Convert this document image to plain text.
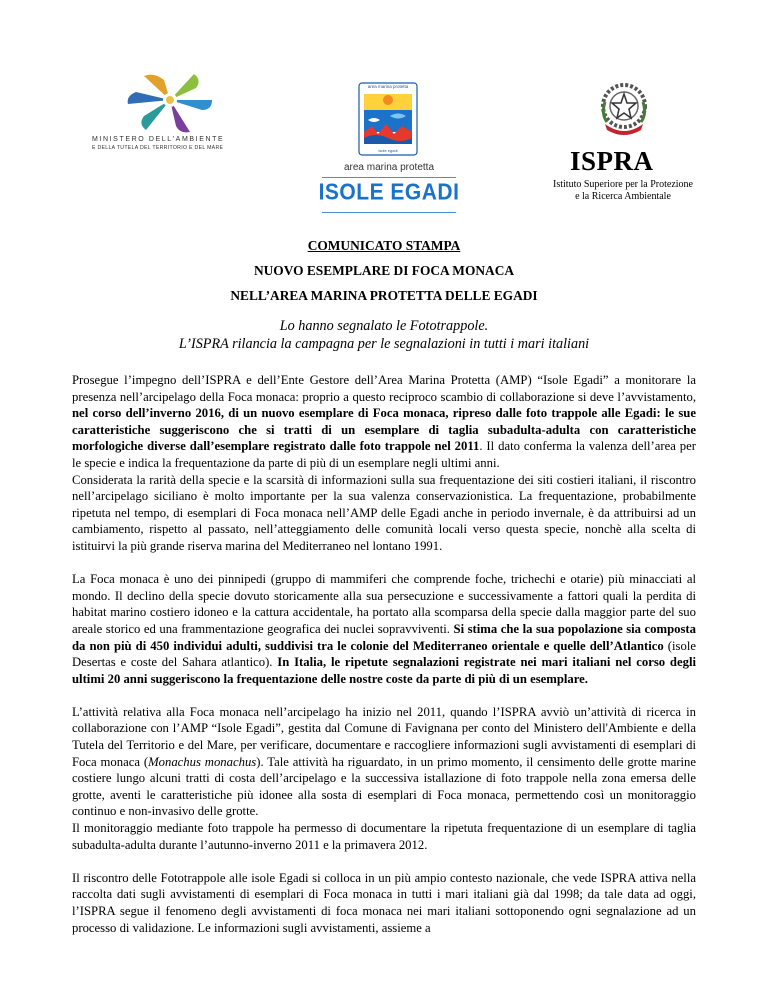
MINISTERO DELL'AMBIENTE
E DELLA TUTELA DEL TERRITORIO E DEL MARE
area marina protetta
isole egadi
area marina protetta
ISOLE EGADI
ISPRA
Istituto Superiore per la Protezione
e la Ricerca Ambientale
COMUNICATO STAMPA
NUOVO ESEMPLARE DI FOCA MONACA
NELL’AREA MARINA PROTETTA DELLE EGADI
Lo hanno segnalato le Fototrappole.
L’ISPRA rilancia la campagna per le segnalazioni in tutti i mari italiani

Prosegue l’impegno dell’ISPRA e dell’Ente Gestore dell’Area Marina Protetta (AMP) “Isole Egadi” a monitorare la presenza nell’arcipelago della Foca monaca: proprio a questo reciproco scambio di collaborazione si deve l’avvistamento, nel corso dell’inverno 2016, di un nuovo esemplare di Foca monaca, ripreso dalle foto trappole alle Egadi: le sue caratteristiche suggeriscono che si tratti di un esemplare di taglia subadulta-adulta con caratteristiche morfologiche diverse dall’esemplare registrato dalle foto trappole nel 2011. Il dato conferma la valenza dell’area per le specie e indica la frequentazione da parte di più di un esemplare negli ultimi anni.

Considerata la rarità della specie e la scarsità di informazioni sulla sua frequentazione dei siti costieri italiani, il riscontro nell’arcipelago siciliano è molto importante per la sua valenza conservazionistica. La frequentazione, probabilmente ripetuta nel tempo, di esemplari di Foca monaca nell’AMP delle Egadi anche in periodo invernale, è da attribuirsi ad un cambiamento, rispetto al passato, nell’atteggiamento delle comunità locali verso questa specie, nonchè alla scelta di istituirvi la più grande riserva marina del Mediterraneo nel lontano 1991.

La Foca monaca è uno dei pinnipedi (gruppo di mammiferi che comprende foche, trichechi e otarie) più minacciati al mondo. Il declino della specie dovuto storicamente alla sua persecuzione e successivamente a fattori quali la perdita di habitat marino costiero idoneo e la cattura accidentale, ha portato alla scomparsa della specie dalla maggior parte del suo areale storico ed una frammentazione geografica dei nuclei sopravviventi. Si stima che la sua popolazione sia composta da non più di 450 individui adulti, suddivisi tra le colonie del Mediterraneo orientale e quelle dell’Atlantico (isole Desertas e coste del Sahara atlantico). In Italia, le ripetute segnalazioni registrate nei mari italiani nel corso degli ultimi 20 anni suggeriscono la frequentazione delle nostre coste da parte di più di un esemplare.

L’attività relativa alla Foca monaca nell’arcipelago ha inizio nel 2011, quando l’ISPRA avviò un’attività di ricerca in collaborazione con l’AMP “Isole Egadi”, gestita dal Comune di Favignana per conto del Ministero dell'Ambiente e della Tutela del Territorio e del Mare, per verificare, documentare e raccogliere informazioni sugli avvistamenti di esemplari di Foca monaca (Monachus monachus). Tale attività ha riguardato, in un primo momento, il censimento delle grotte marine costiere lungo alcuni tratti di costa dell’arcipelago e la successiva istallazione di foto trappole nella zona emersa delle grotte, aventi le caratteristiche più idonee alla sosta di esemplari di Foca monaca, permettendo così un monitoraggio continuo e non-invasivo delle grotte.

Il monitoraggio mediante foto trappole ha permesso di documentare la ripetuta frequentazione di un esemplare di taglia subadulta-adulta durante l’autunno-inverno 2011 e la primavera 2012.

Il riscontro delle Fototrappole alle isole Egadi si colloca in un più ampio contesto nazionale, che vede ISPRA attiva nella raccolta dati sugli avvistamenti di esemplari di Foca monaca in tutti i mari italiani già dal 1998; da tale data ad oggi, l’ISPRA segue il fenomeno degli avvistamenti di foca monaca nei mari italiani sottoponendo ogni segnalazione ad un processo di validazione. Le informazioni sugli avvistamenti, assieme a
